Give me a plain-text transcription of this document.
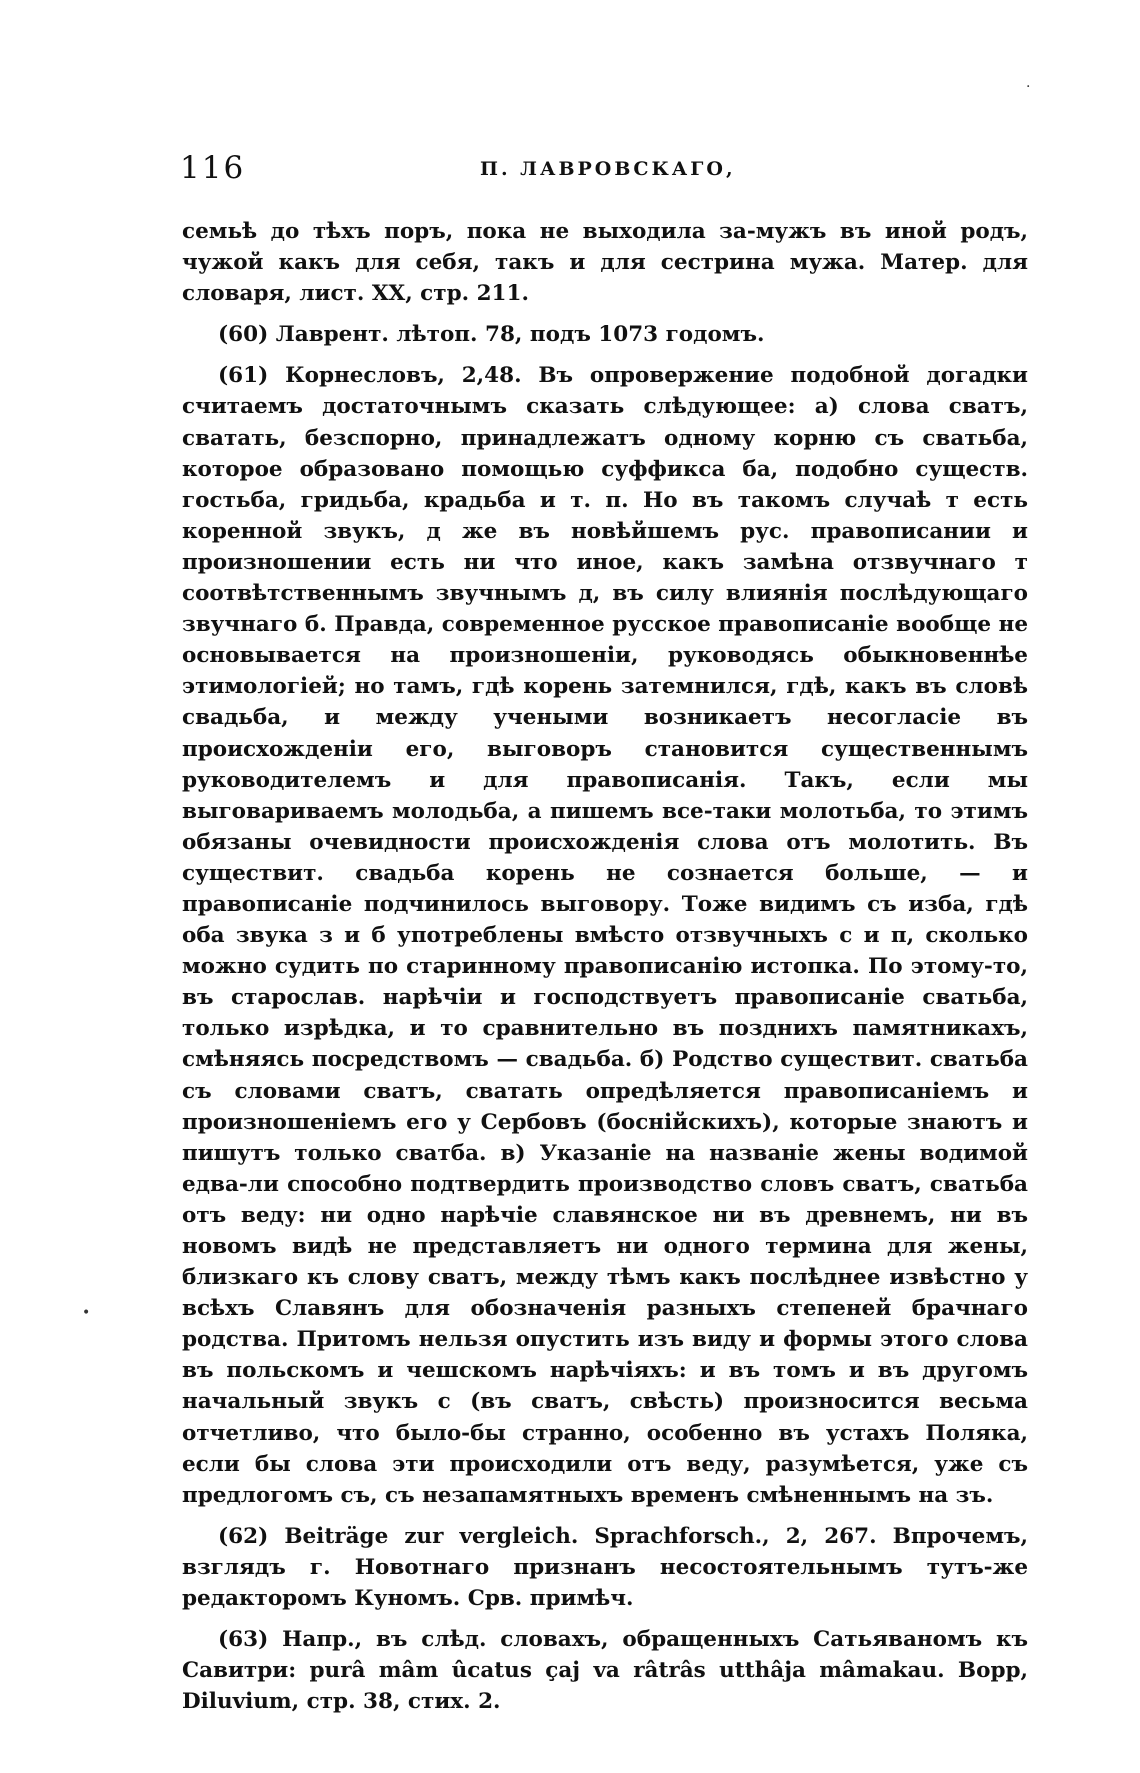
·
•
116	П. ЛАВРОВСКАГО,

семьѣ до тѣхъ поръ, пока не выходила за-мужъ въ иной родъ, чужой какъ для себя, такъ и для сестрина мужа. Матер. для словаря, лист. XX, стр. 211.

(60) Лаврент. лѣтоп. 78, подъ 1073 годомъ.

(61) Корнесловъ, 2,48. Въ опровержение подобной догадки считаемъ достаточнымъ сказать слѣдующее: а) слова сватъ, сватать, безспорно, принадлежатъ одному корню съ сватьба, которое образовано помощью суффикса ба, подобно существ. гостьба, гридьба, крадьба и т. п. Но въ такомъ случаѣ т есть коренной звукъ, д же въ новѣйшемъ рус. правописании и произношении есть ни что иное, какъ замѣна отзвучнаго т соотвѣтственнымъ звучнымъ д, въ силу влиянія послѣдующаго звучнаго б. Правда, современное русское правописаніе вообще не основывается на произношеніи, руководясь обыкновеннѣе этимологіей; но тамъ, гдѣ корень затемнился, гдѣ, какъ въ словѣ свадьба, и между учеными возникаетъ несогласіе въ происхожденіи его, выговоръ становится существеннымъ руководителемъ и для правописанія. Такъ, если мы выговариваемъ молодьба, а пишемъ все-таки молотьба, то этимъ обязаны очевидности происхожденія слова отъ молотить. Въ существит. свадьба корень не сознается больше, — и правописаніе подчинилось выговору. Тоже видимъ съ изба, гдѣ оба звука з и б употреблены вмѣсто отзвучныхъ с и п, сколько можно судить по старинному правописанію истопка. По этому-то, въ старослав. нарѣчіи и господствуетъ правописаніе сватьба, только изрѣдка, и то сравнительно въ позднихъ памятникахъ, смѣняясь посредствомъ — свадьба. б) Родство существит. сватьба съ словами сватъ, сватать опредѣляется правописаніемъ и произношеніемъ его у Сербовъ (боснійскихъ), которые знаютъ и пишутъ только сватба. в) Указаніе на названіе жены водимой едва-ли способно подтвердить производство словъ сватъ, сватьба отъ веду: ни одно нарѣчіе славянское ни въ древнемъ, ни въ новомъ видѣ не представляетъ ни одного термина для жены, близкаго къ слову сватъ, между тѣмъ какъ послѣднее извѣстно у всѣхъ Славянъ для обозначенія разныхъ степеней брачнаго родства. Притомъ нельзя опустить изъ виду и формы этого слова въ польскомъ и чешскомъ нарѣчіяхъ: и въ томъ и въ другомъ начальный звукъ с (въ сватъ, свѣсть) произносится весьма отчетливо, что было-бы странно, особенно въ устахъ Поляка, если бы слова эти происходили отъ веду, разумѣется, уже съ предлогомъ съ, съ незапамятныхъ временъ смѣненнымъ на зъ.

(62) Beiträge zur vergleich. Sprachforsch., 2, 267. Впрочемъ, взглядъ г. Новотнаго признанъ несостоятельнымъ тутъ-же редакторомъ Куномъ. Срв. примѣч.

(63) Напр., въ слѣд. словахъ, обращенныхъ Сатьяваномъ къ Савитри: purâ mâm ûcatus çaj va râtrâs utthâja mâmakau. Bopp, Diluvium, стр. 38, стих. 2.
